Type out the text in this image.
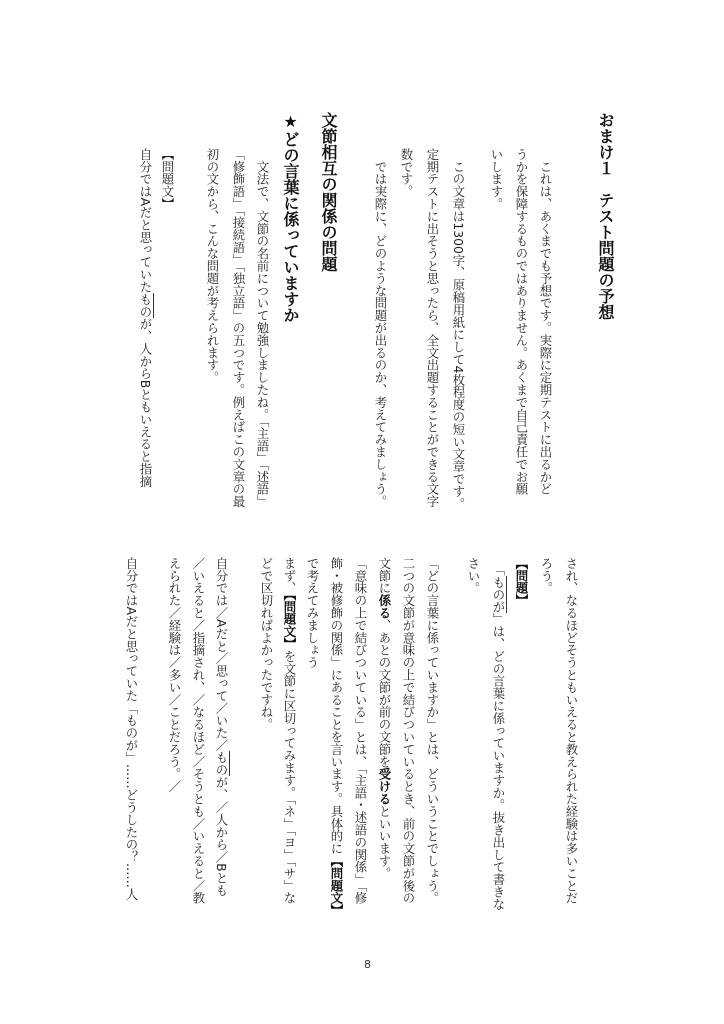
おまけ１　テスト問題の予想
　これは、あくまでも予想です。実際に定期テストに出るかど
うかを保障するものではありません。あくまで自己責任でお願
いします。
　この文章は1300字、原稿用紙にして4枚程度の短い文章です。
定期テストに出そうと思ったら、全文出題することができる文字
数です。
　では実際に、どのような問題が出るのか、考えてみましょう。
文節相互の関係の問題
★どの言葉に係っていますか
　文法で、文節の名前について勉強しましたね。「主語」「述語」
「修飾語」「接続語」「独立語」の五つです。例えばこの文章の最
初の文から、こんな問題が考えられます。
【問題文】
自分ではAだと思っていたものが、人からBともいえると指摘
され、なるほどそうともいえると教えられた経験は多いことだ
ろう。
【問題】
　「ものが」は、どの言葉に係っていますか。抜き出して書きな
さい。
「どの言葉に係っていますか」とは、どういうことでしょう。
二つの文節が意味の上で結びついているとき、前の文節が後の
文節に係る、あとの文節が前の文節を受けるといいます。
「意味の上で結びついている」とは、「主語・述語の関係」「修
飾・被修飾の関係」にあることを言います。具体的に【問題文】
で考えてみましょう
まず、【問題文】を文節に区切ってみます。「ネ」「ヨ」「サ」な
どで区切ればよかったですね。
自分では／Aだと／思って／いた／ものが、／人から／Bとも
／いえると／指摘され、／なるほど／そうとも／いえると／教
えられた／経験は／多い／ことだろう。／
自分ではAだと思っていた「ものが」……どうしたの？……人
8
